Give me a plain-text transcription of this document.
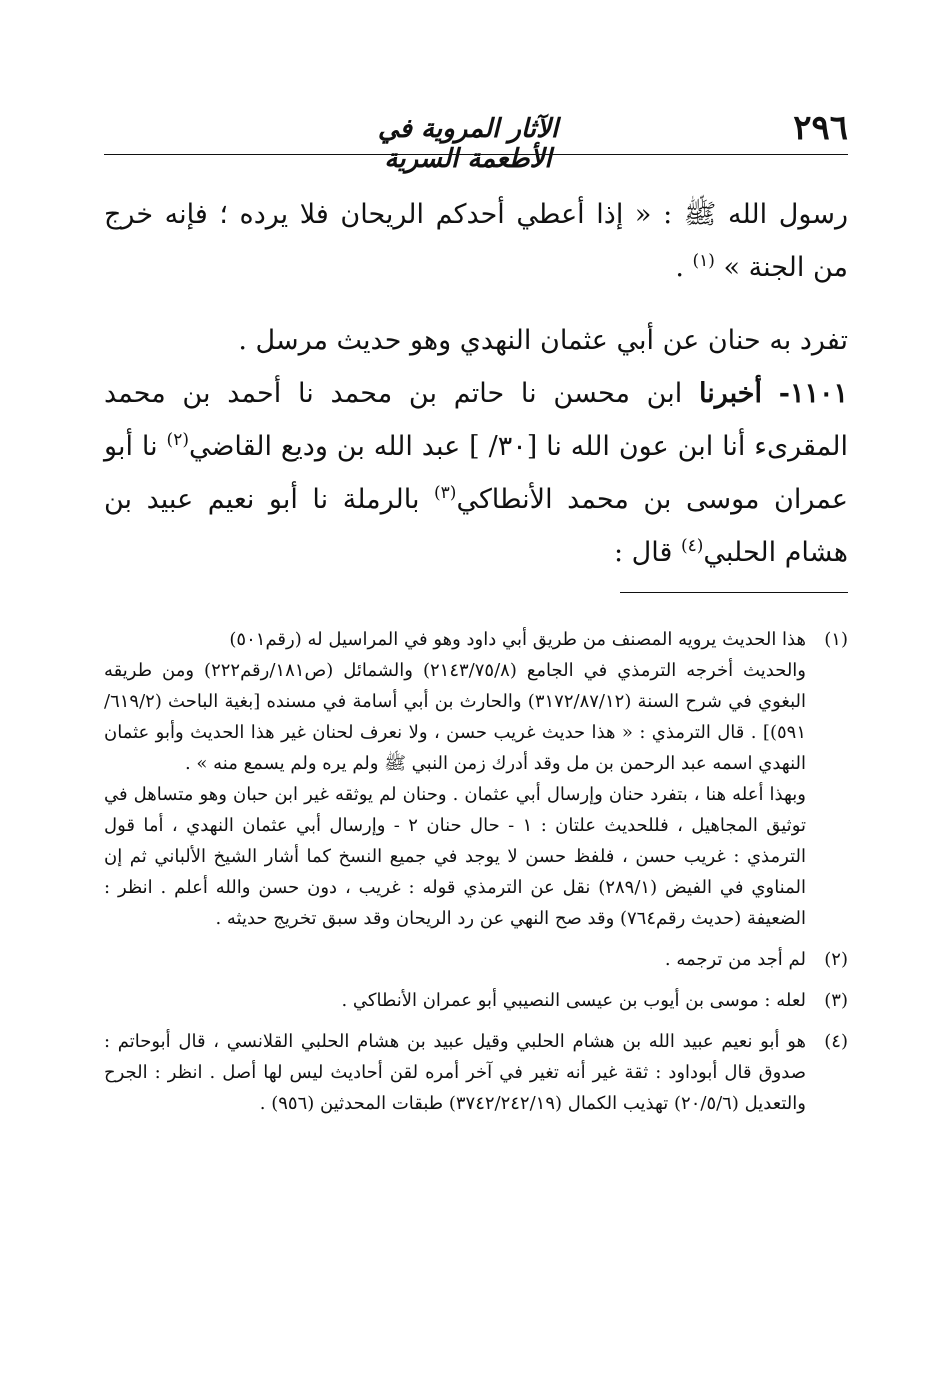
٢٩٦
الآثار المروية في الأطعمة السرية

رسول الله ﷺ : « إذا أعطي أحدكم الريحان فلا يرده ؛ فإنه خرج من الجنة » $^{(١)}$ .

تفرد به حنان عن أبي عثمان النهدي وهو حديث مرسل .

١١٠١- أخبرنا ابن محسن نا حاتم بن محمد نا أحمد بن محمد المقرىء أنا ابن عون الله نا [٣٠/ ] عبد الله بن وديع القاضي$^{(٢)}$ نا أبو عمران موسى بن محمد الأنطاكي$^{(٣)}$ بالرملة نا أبو نعيم عبيد بن هشام الحلبي$^{(٤)}$ قال :

(١)

هذا الحديث يرويه المصنف من طريق أبي داود وهو في المراسيل له (رقم٥٠١)

والحديث أخرجه الترمذي في الجامع (٢١٤٣/٧٥/٨) والشمائل (ص١٨١/رقم٢٢٢) ومن طريقه البغوي في شرح السنة (٣١٧٢/٨٧/١٢) والحارث بن أبي أسامة في مسنده [بغية الباحث (٦١٩/٢/ ٥٩١)] . قال الترمذي : « هذا حديث غريب حسن ، ولا نعرف لحنان غير هذا الحديث وأبو عثمان النهدي اسمه عبد الرحمن بن مل وقد أدرك زمن النبي ﷺ ولم يره ولم يسمع منه » .

وبهذا أعله هنا ، بتفرد حنان وإرسال أبي عثمان . وحنان لم يوثقه غير ابن حبان وهو متساهل في توثيق المجاهيل ، فللحديث علتان : ١ - حال حنان ٢ - وإرسال أبي عثمان النهدي ، أما قول الترمذي : غريب حسن ، فلفظ حسن لا يوجد في جميع النسخ كما أشار الشيخ الألباني ثم إن المناوي في الفيض (٢٨٩/١) نقل عن الترمذي قوله : غريب ، دون حسن والله أعلم . انظر : الضعيفة (حديث رقم٧٦٤) وقد صح النهي عن رد الريحان وقد سبق تخريج حديثه .

(٢)

لم أجد من ترجمه .

(٣)

لعله : موسى بن أيوب بن عيسى النصيبي أبو عمران الأنطاكي .

(٤)

هو أبو نعيم عبيد الله بن هشام الحلبي وقيل عبيد بن هشام الحلبي القلانسي ، قال أبوحاتم : صدوق قال أبوداود : ثقة غير أنه تغير في آخر أمره لقن أحاديث ليس لها أصل . انظر : الجرح والتعديل (٢٠/٥/٦) تهذيب الكمال (٣٧٤٢/٢٤٢/١٩) طبقات المحدثين (٩٥٦) .
